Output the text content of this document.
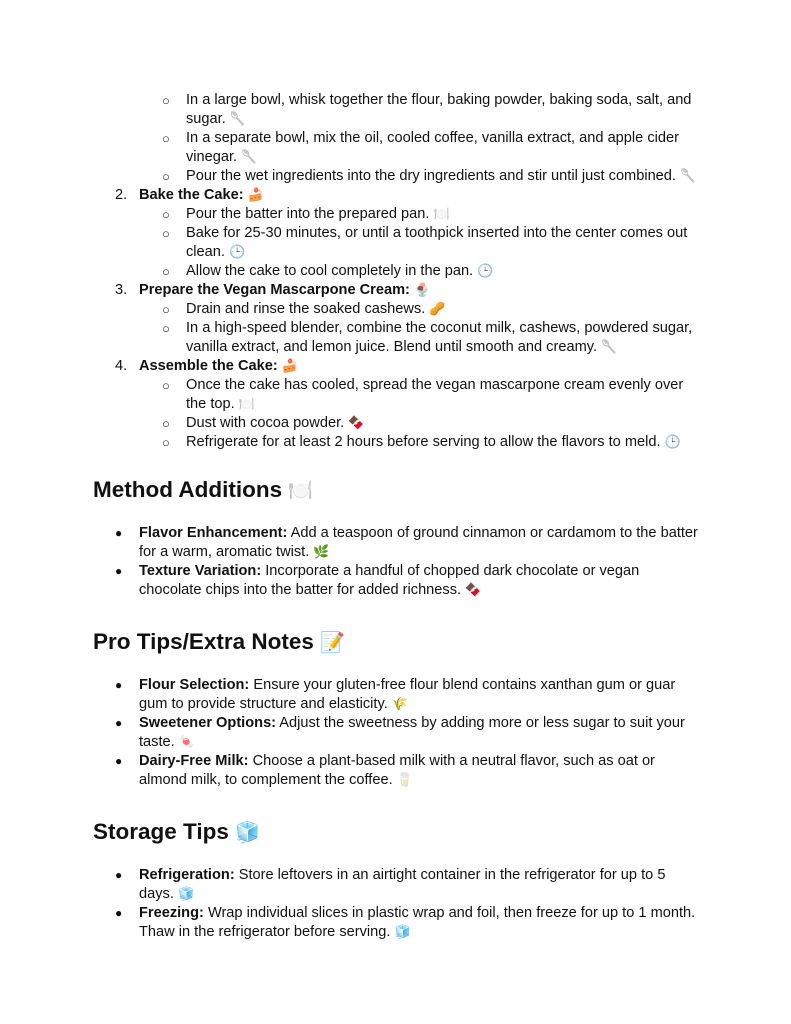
○ In a large bowl, whisk together the flour, baking powder, baking soda, salt, and sugar. 🥄
○ In a separate bowl, mix the oil, cooled coffee, vanilla extract, and apple cider vinegar. 🥄
○ Pour the wet ingredients into the dry ingredients and stir until just combined. 🥄
2. Bake the Cake: 🍰
○ Pour the batter into the prepared pan. 🍽️
○ Bake for 25-30 minutes, or until a toothpick inserted into the center comes out clean. 🕒
○ Allow the cake to cool completely in the pan. 🕒
3. Prepare the Vegan Mascarpone Cream: 🍨
○ Drain and rinse the soaked cashews. 🥜
○ In a high-speed blender, combine the coconut milk, cashews, powdered sugar, vanilla extract, and lemon juice. Blend until smooth and creamy. 🥄
4. Assemble the Cake: 🍰
○ Once the cake has cooled, spread the vegan mascarpone cream evenly over the top. 🍽️
○ Dust with cocoa powder. 🍫
○ Refrigerate for at least 2 hours before serving to allow the flavors to meld. 🕒
Method Additions 🍽️
● Flavor Enhancement: Add a teaspoon of ground cinnamon or cardamom to the batter for a warm, aromatic twist. 🌿
● Texture Variation: Incorporate a handful of chopped dark chocolate or vegan chocolate chips into the batter for added richness. 🍫
Pro Tips/Extra Notes 📝
● Flour Selection: Ensure your gluten-free flour blend contains xanthan gum or guar gum to provide structure and elasticity. 🌾
● Sweetener Options: Adjust the sweetness by adding more or less sugar to suit your taste. 🍬
● Dairy-Free Milk: Choose a plant-based milk with a neutral flavor, such as oat or almond milk, to complement the coffee. 🥛
Storage Tips 🧊
● Refrigeration: Store leftovers in an airtight container in the refrigerator for up to 5 days. 🧊
● Freezing: Wrap individual slices in plastic wrap and foil, then freeze for up to 1 month. Thaw in the refrigerator before serving. 🧊
